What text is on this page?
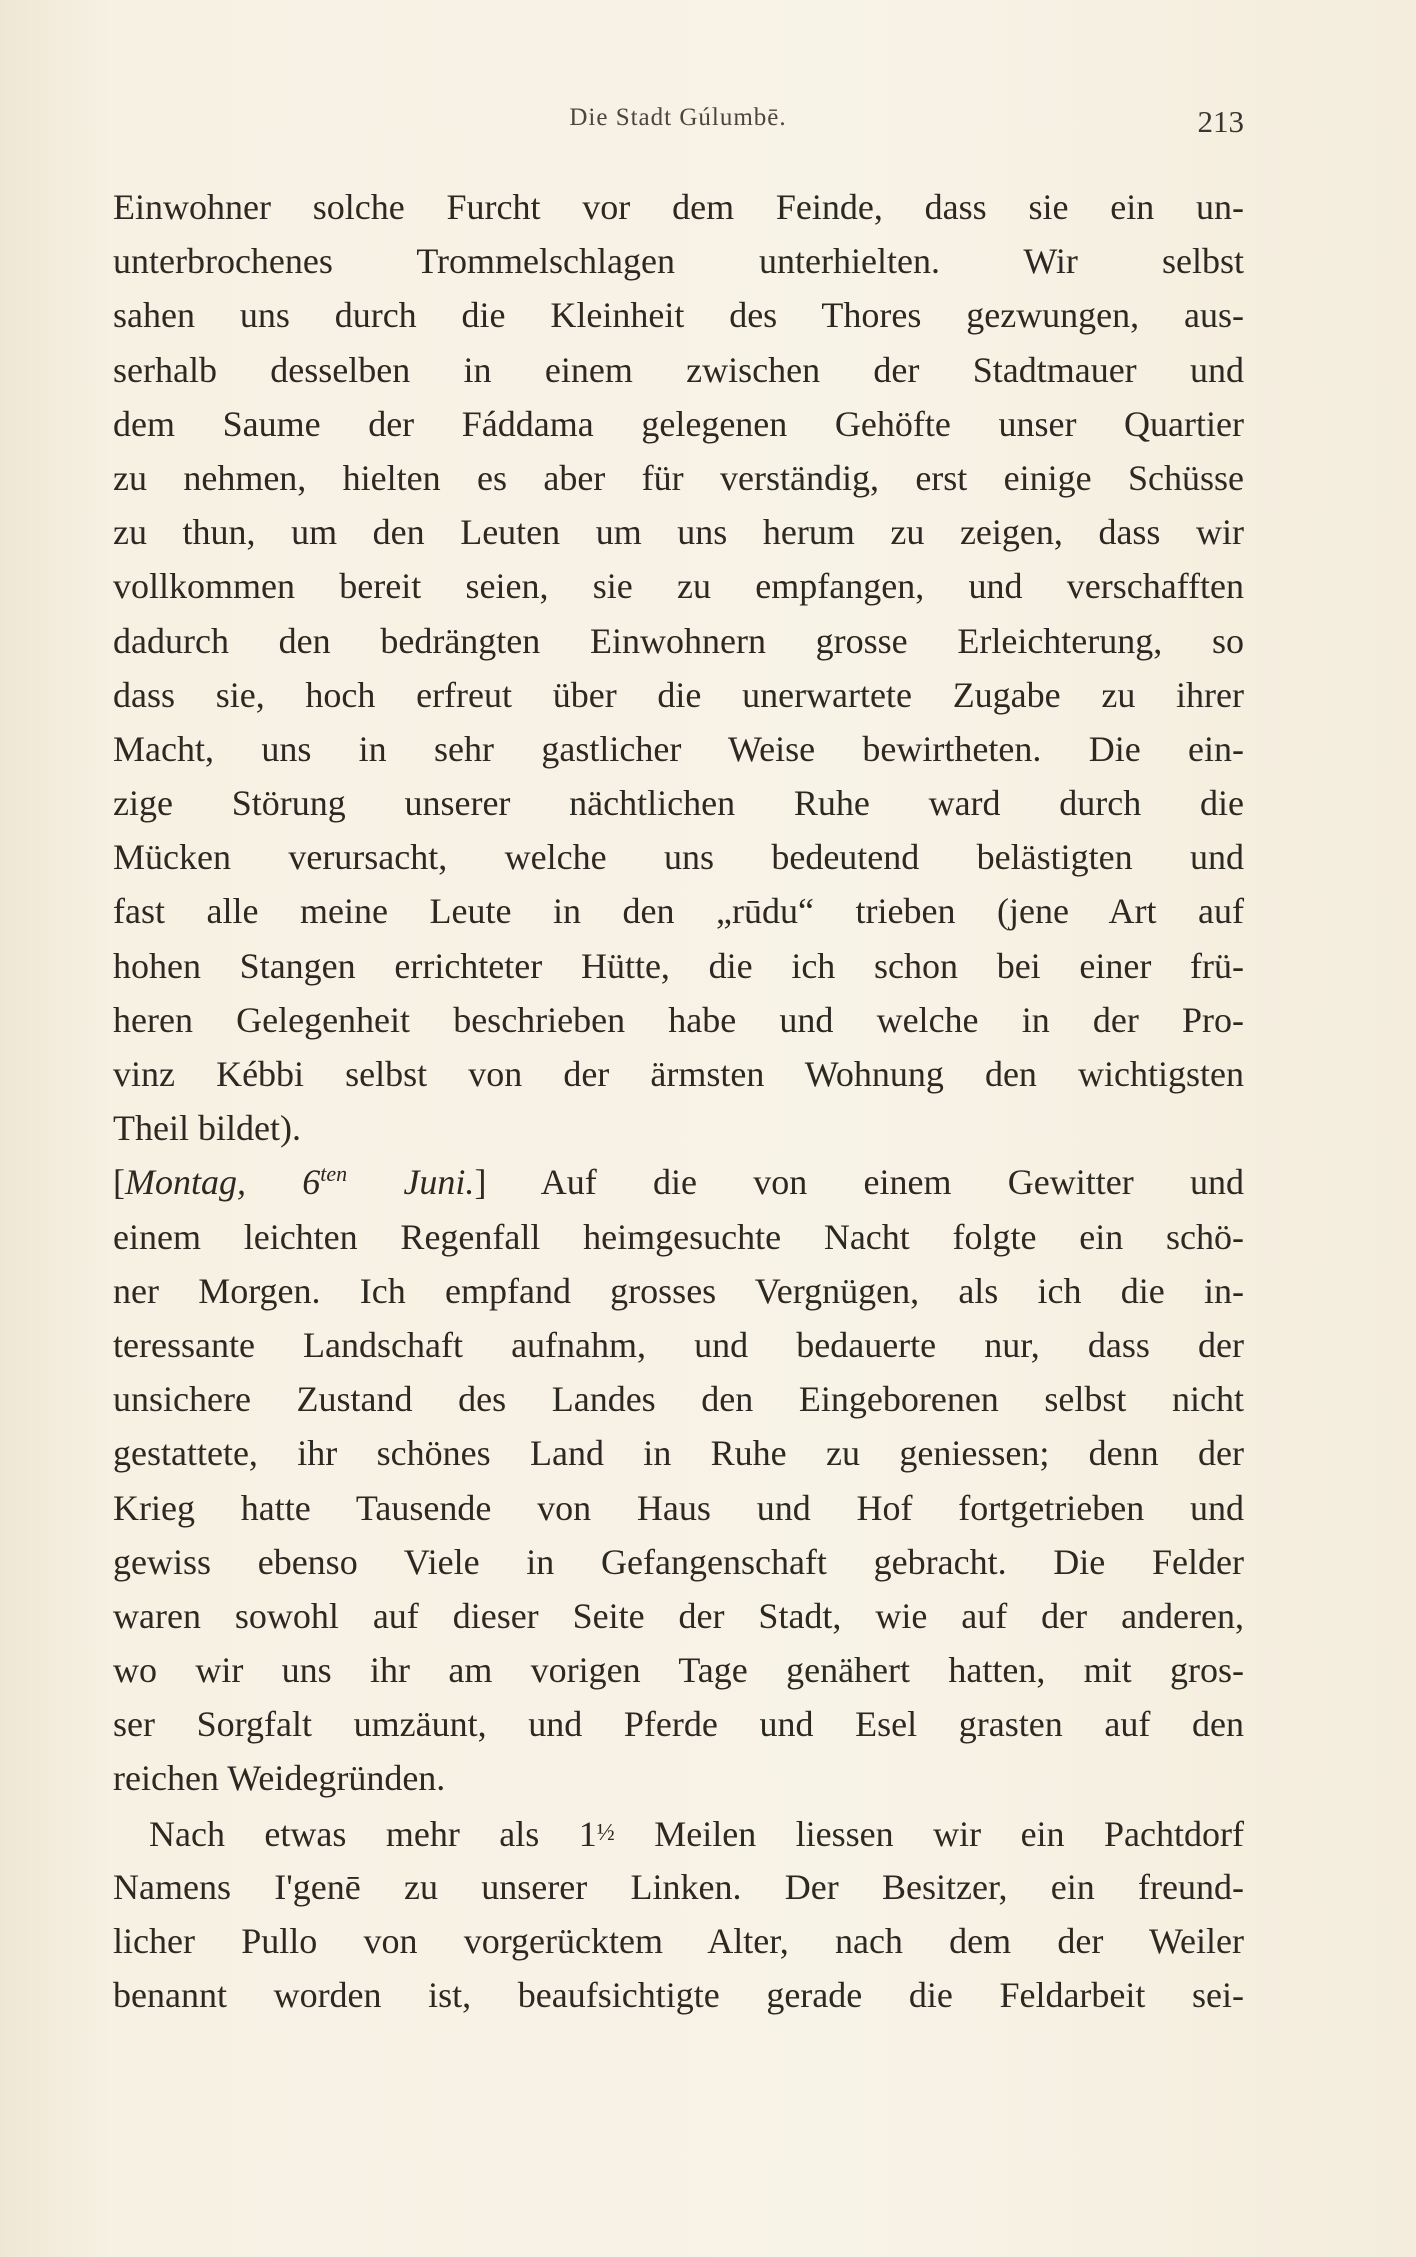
Die Stadt Gúlumbē.	213
Einwohner solche Furcht vor dem Feinde, dass sie ein un-
unterbrochenes Trommelschlagen unterhielten. Wir selbst
sahen uns durch die Kleinheit des Thores gezwungen, aus-
serhalb desselben in einem zwischen der Stadtmauer und
dem Saume der Fáddama gelegenen Gehöfte unser Quartier
zu nehmen, hielten es aber für verständig, erst einige Schüsse
zu thun, um den Leuten um uns herum zu zeigen, dass wir
vollkommen bereit seien, sie zu empfangen, und verschafften
dadurch den bedrängten Einwohnern grosse Erleichterung, so
dass sie, hoch erfreut über die unerwartete Zugabe zu ihrer
Macht, uns in sehr gastlicher Weise bewirtheten. Die ein-
zige Störung unserer nächtlichen Ruhe ward durch die
Mücken verursacht, welche uns bedeutend belästigten und
fast alle meine Leute in den „rūdu“ trieben (jene Art auf
hohen Stangen errichteter Hütte, die ich schon bei einer frü-
heren Gelegenheit beschrieben habe und welche in der Pro-
vinz Kébbi selbst von der ärmsten Wohnung den wichtigsten
Theil bildet).
[Montag, $6^{ten}$ Juni.] Auf die von einem Gewitter und
einem leichten Regenfall heimgesuchte Nacht folgte ein schö-
ner Morgen. Ich empfand grosses Vergnügen, als ich die in-
teressante Landschaft aufnahm, und bedauerte nur, dass der
unsichere Zustand des Landes den Eingeborenen selbst nicht
gestattete, ihr schönes Land in Ruhe zu geniessen; denn der
Krieg hatte Tausende von Haus und Hof fortgetrieben und
gewiss ebenso Viele in Gefangenschaft gebracht. Die Felder
waren sowohl auf dieser Seite der Stadt, wie auf der anderen,
wo wir uns ihr am vorigen Tage genähert hatten, mit gros-
ser Sorgfalt umzäunt, und Pferde und Esel grasten auf den
reichen Weidegründen.
Nach etwas mehr als 1½ Meilen liessen wir ein Pachtdorf
Namens I'genē zu unserer Linken. Der Besitzer, ein freund-
licher Pullo von vorgerücktem Alter, nach dem der Weiler
benannt worden ist, beaufsichtigte gerade die Feldarbeit sei-
